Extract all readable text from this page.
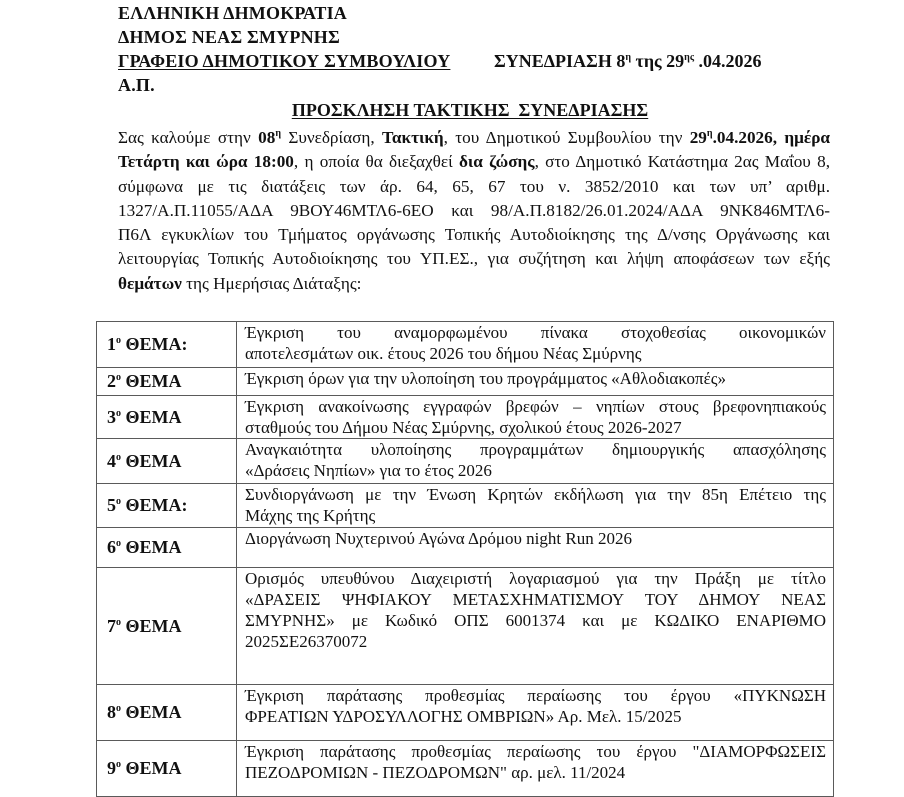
ΕΛΛΗΝΙΚΗ ΔΗΜΟΚΡΑΤΙΑ
ΔΗΜΟΣ ΝΕΑΣ ΣΜΥΡΝΗΣ
ΓΡΑΦΕΙΟ ΔΗΜΟΤΙΚΟΥ ΣΥΜΒΟΥΛΙΟΥ
Α.Π.
ΣΥΝΕΔΡΙΑΣΗ $8^\eta$ της $29^{\eta\varsigma}$ .04.2026
ΠΡΟΣΚΛΗΣΗ ΤΑΚΤΙΚΗΣ ΣΥΝΕΔΡΙΑΣΗΣ
Σας καλούμε στην $08^\eta$ Συνεδρίαση, Τακτική, του Δημοτικού Συμβουλίου την $29^\eta.04.2026$, ημέρα
Τετάρτη και ώρα 18:00, η οποία θα διεξαχθεί δια ζώσης, στο Δημοτικό Κατάστημα 2ας Μαΐου 8,
σύμφωνα με τις διατάξεις των άρ. 64, 65, 67 του ν. 3852/2010 και των υπ’ αριθμ.
1327/Α.Π.11055/ΑΔΑ 9ΒΟΥ46ΜΤΛ6-6ΕΟ και 98/Α.Π.8182/26.01.2024/ΑΔΑ 9ΝΚ846ΜΤΛ6-
Π6Λ εγκυκλίων του Τμήματος οργάνωσης Τοπικής Αυτοδιοίκησης της Δ/νσης Οργάνωσης και
λειτουργίας Τοπικής Αυτοδιοίκησης του ΥΠ.ΕΣ., για συζήτηση και λήψη αποφάσεων των εξής
θεμάτων της Ημερήσιας Διάταξης:
$1^o$ ΘΕΜΑ:	Έγκριση του αναμορφωμένου πίνακα στοχοθεσίας οικονομικών
αποτελεσμάτων οικ. έτους 2026 του δήμου Νέας Σμύρνης

$2^o$ ΘΕΜΑ	Έγκριση όρων για την υλοποίηση του προγράμματος «Αθλοδιακοπές»

$3^o$ ΘΕΜΑ	Έγκριση ανακοίνωσης εγγραφών βρεφών – νηπίων στους βρεφονηπιακούς
σταθμούς του Δήμου Νέας Σμύρνης, σχολικού έτους 2026-2027

$4^o$ ΘΕΜΑ	Αναγκαιότητα υλοποίησης προγραμμάτων δημιουργικής απασχόλησης
«Δράσεις Νηπίων» για το έτος 2026

$5^o$ ΘΕΜΑ:	Συνδιοργάνωση με την Ένωση Κρητών εκδήλωση για την 85η Επέτειο της
Μάχης της Κρήτης

$6^o$ ΘΕΜΑ	Διοργάνωση Νυχτερινού Αγώνα Δρόμου night Run 2026

$7^o$ ΘΕΜΑ	Ορισμός υπευθύνου Διαχειριστή λογαριασμού για την Πράξη με τίτλο
«ΔΡΑΣΕΙΣ ΨΗΦΙΑΚΟΥ ΜΕΤΑΣΧΗΜΑΤΙΣΜΟΥ ΤΟΥ ΔΗΜΟΥ ΝΕΑΣ
ΣΜΥΡΝΗΣ» με Κωδικό ΟΠΣ 6001374 και με ΚΩΔΙΚΟ ΕΝΑΡΙΘΜΟ
2025ΣΕ26370072

$8^o$ ΘΕΜΑ	Έγκριση παράτασης προθεσμίας περαίωσης του έργου «ΠΥΚΝΩΣΗ
ΦΡΕΑΤΙΩΝ ΥΔΡΟΣΥΛΛΟΓΗΣ ΟΜΒΡΙΩΝ» Αρ. Μελ. 15/2025

$9^o$ ΘΕΜΑ	Έγκριση παράτασης προθεσμίας περαίωσης του έργου "ΔΙΑΜΟΡΦΩΣΕΙΣ
ΠΕΖΟΔΡΟΜΙΩΝ - ΠΕΖΟΔΡΟΜΩΝ" αρ. μελ. 11/2024
